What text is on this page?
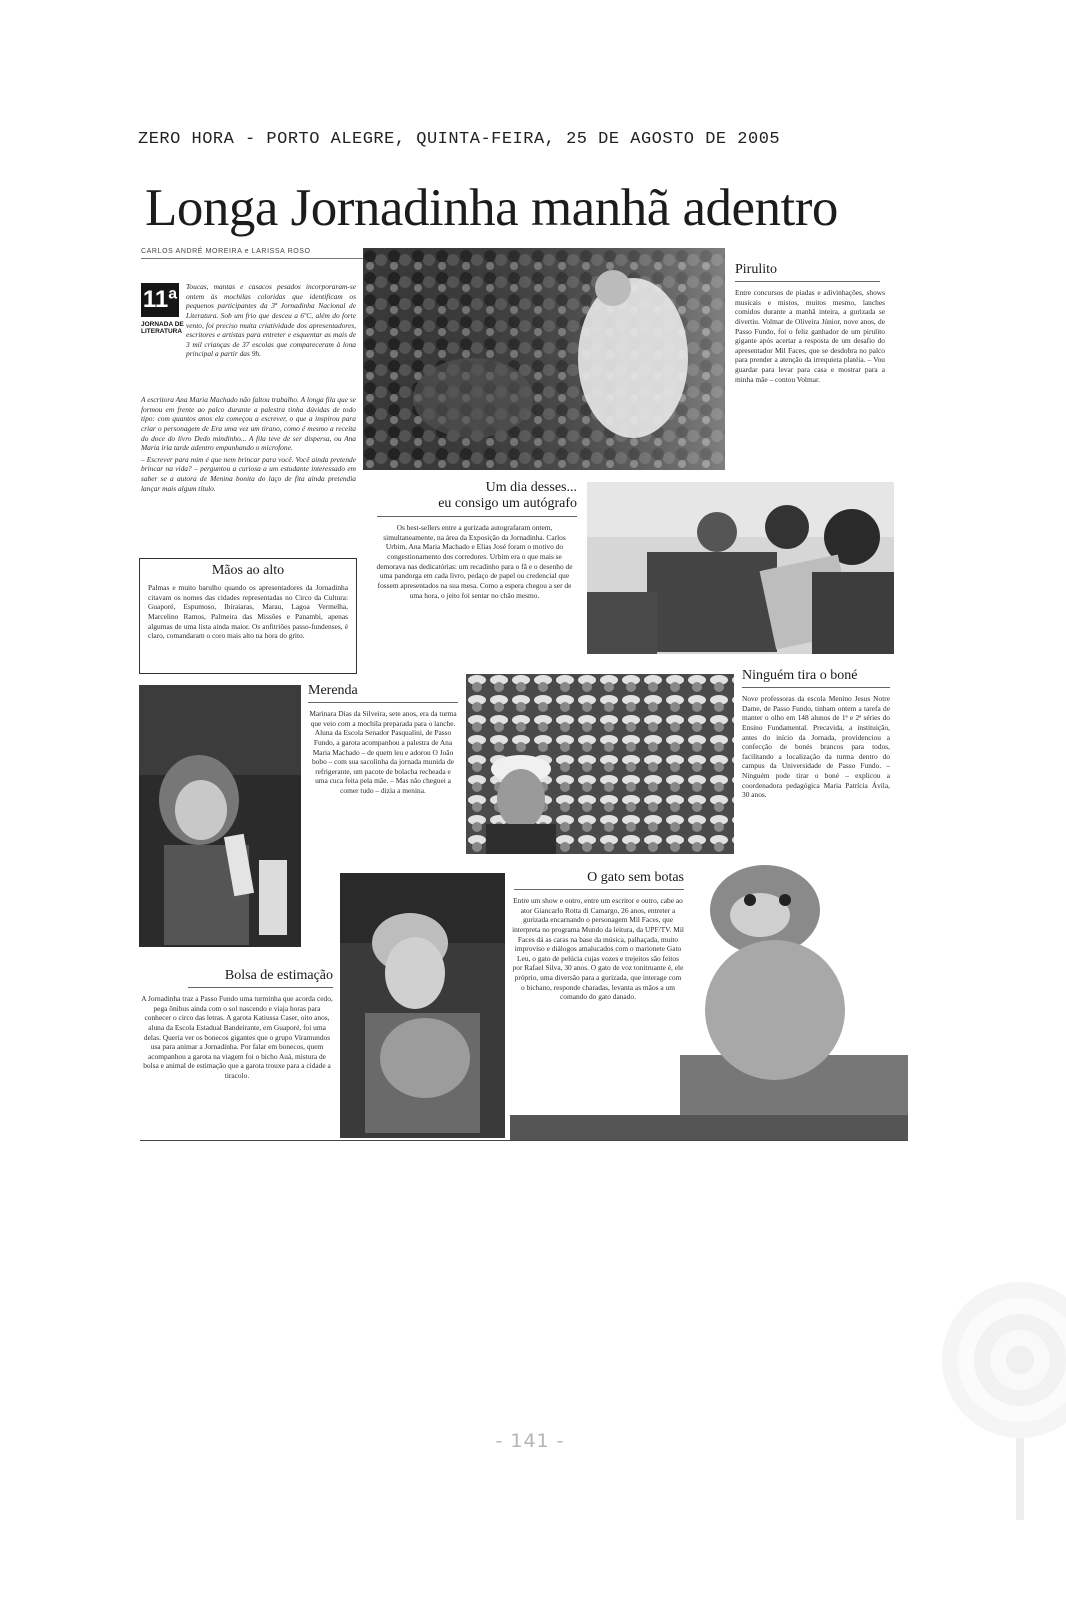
ZERO HORA - PORTO ALEGRE, QUINTA-FEIRA, 25 DE AGOSTO DE 2005
Longa Jornadinha manhã adentro
CARLOS ANDRÉ MOREIRA e LARISSA ROSO
11ª
JORNADA DE LITERATURA

Toucas, mantas e casacos pesados incorporaram-se ontem às mochilas coloridas que identificam os pequenos participantes da 3ª Jornadinha Nacional de Literatura. Sob um frio que desceu a 6ºC, além do forte vento, foi preciso muita criatividade dos apresentadores, escritores e artistas para entreter e esquentar as mais de 3 mil crianças de 37 escolas que compareceram à lona principal a partir das 9h.

A escritora Ana Maria Machado não faltou trabalho. A longa fila que se formou em frente ao palco durante a palestra tinha dúvidas de todo tipo: com quantos anos ela começou a escrever, o que a inspirou para criar o personagem de Era uma vez um tirano, como é mesmo a receita do doce do livro Dedo mindinho... A fila teve de ser dispersa, ou Ana Maria iria tarde adentro empunhando o microfone.

– Escrever para mim é que nem brincar para você. Você ainda pretende brincar na vida? – perguntou a curiosa a um estudante interessado em saber se a autora de Menina bonita do laço de fita ainda pretendia lançar mais algum título.

Mãos ao alto

Palmas e muito barulho quando os apresentadores da Jornadinha citavam os nomes das cidades representadas no Circo da Cultura: Guaporé, Espumoso, Ibiraiaras, Marau, Lagoa Vermelha, Marcelino Ramos, Palmeira das Missões e Panambi, apenas algumas de uma lista ainda maior. Os anfitriões passo-fundenses, é claro, comandaram o coro mais alto na hora do grito.

Pirulito

Entre concursos de piadas e adivinhações, shows musicais e mistos, muitos mesmo, lanches comidos durante a manhã inteira, a gurizada se divertiu. Volmar de Oliveira Júnior, nove anos, de Passo Fundo, foi o feliz ganhador de um pirulito gigante após acertar a resposta de um desafio do apresentador Mil Faces, que se desdobra no palco para prender a atenção da irrequieta platéia. – Vou guardar para levar para casa e mostrar para a minha mãe – contou Volmar.

Um dia desses...
eu consigo um autógrafo

Os best-sellers entre a gurizada autografaram ontem, simultaneamente, na área da Exposição da Jornadinha. Carlos Urbim, Ana Maria Machado e Elias José foram o motivo do congestionamento dos corredores. Urbim era o que mais se demorava nas dedicatórias: um recadinho para o fã e o desenho de uma pandorga em cada livro, pedaço de papel ou credencial que fossem apresentados na sua mesa. Como a espera chegou a ser de uma hora, o jeito foi sentar no chão mesmo.

Merenda

Marinara Dias da Silveira, sete anos, era da turma que veio com a mochila preparada para o lanche. Aluna da Escola Senador Pasqualini, de Passo Fundo, a garota acompanhou a palestra de Ana Maria Machado – de quem leu e adorou O João bobo – com sua sacolinha da jornada munida de refrigerante, um pacote de bolacha recheada e uma cuca feita pela mãe. – Mas não cheguei a comer tudo – dizia a menina.

Ninguém tira o boné

Nove professoras da escola Menino Jesus Notre Dame, de Passo Fundo, tinham ontem a tarefa de manter o olho em 148 alunos de 1ª e 2ª séries do Ensino Fundamental. Precavida, a instituição, antes do início da Jornada, providenciou a confecção de bonés brancos para todos, facilitando a localização da turma dentro do campus da Universidade de Passo Fundo. – Ninguém pode tirar o boné – explicou a coordenadora pedagógica Maria Patrícia Ávila, 30 anos.

O gato sem botas

Entre um show e outro, entre um escritor e outro, cabe ao ator Giancarlo Rotta di Camargo, 26 anos, entreter a gurizada encarnando o personagem Mil Faces, que interpreta no programa Mundo da leitura, da UPF/TV. Mil Faces dá as caras na base da música, palhaçada, muito improviso e diálogos amalucados com o marionete Gato Leu, o gato de pelúcia cujas vozes e trejeitos são feitos por Rafael Silva, 30 anos. O gato de voz tonitruante é, ele próprio, uma diversão para a gurizada, que interage com o bichano, responde charadas, levanta as mãos a um comando do gato danado.

Bolsa de estimação

A Jornadinha traz a Passo Fundo uma turminha que acorda cedo, pega ônibus ainda com o sol nascendo e viaja horas para conhecer o circo das letras. A garota Katiussa Caser, oito anos, aluna da Escola Estadual Bandeirante, em Guaporé, foi uma delas. Queria ver os bonecos gigantes que o grupo Viramundos usa para animar a Jornadinha. Por falar em bonecos, quem acompanhou a garota na viagem foi o bicho Auá, mistura de bolsa e animal de estimação que a garota trouxe para a cidade a tiracolo.

- 141 -
